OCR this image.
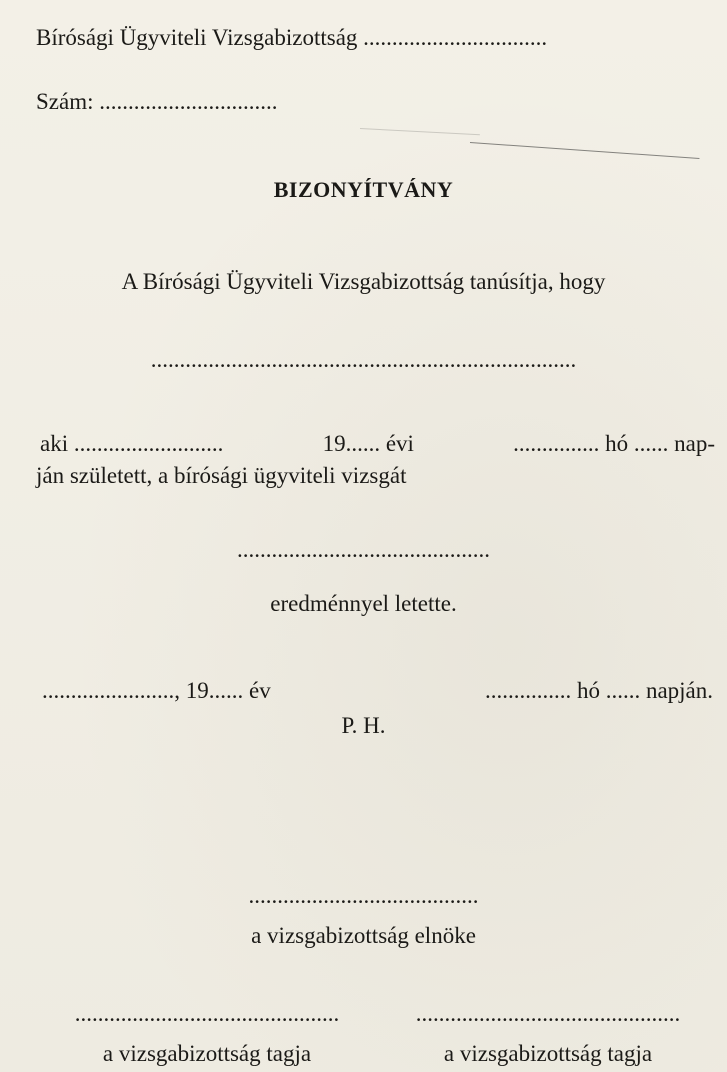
Bírósági Ügyviteli Vizsgabizottság ................................
Szám: ...............................
BIZONYÍTVÁNY
A Bírósági Ügyviteli Vizsgabizottság tanúsítja, hogy
..........................................................................
aki ..........................	19...... évi	............... hó ...... nap-
ján született, a bírósági ügyviteli vizsgát
............................................
eredménnyel letette.
......................., 19...... év	............... hó ...... napján.
P. H.
........................................
a vizsgabizottság elnöke
..............................................
a vizsgabizottság tagja
..............................................
a vizsgabizottság tagja
